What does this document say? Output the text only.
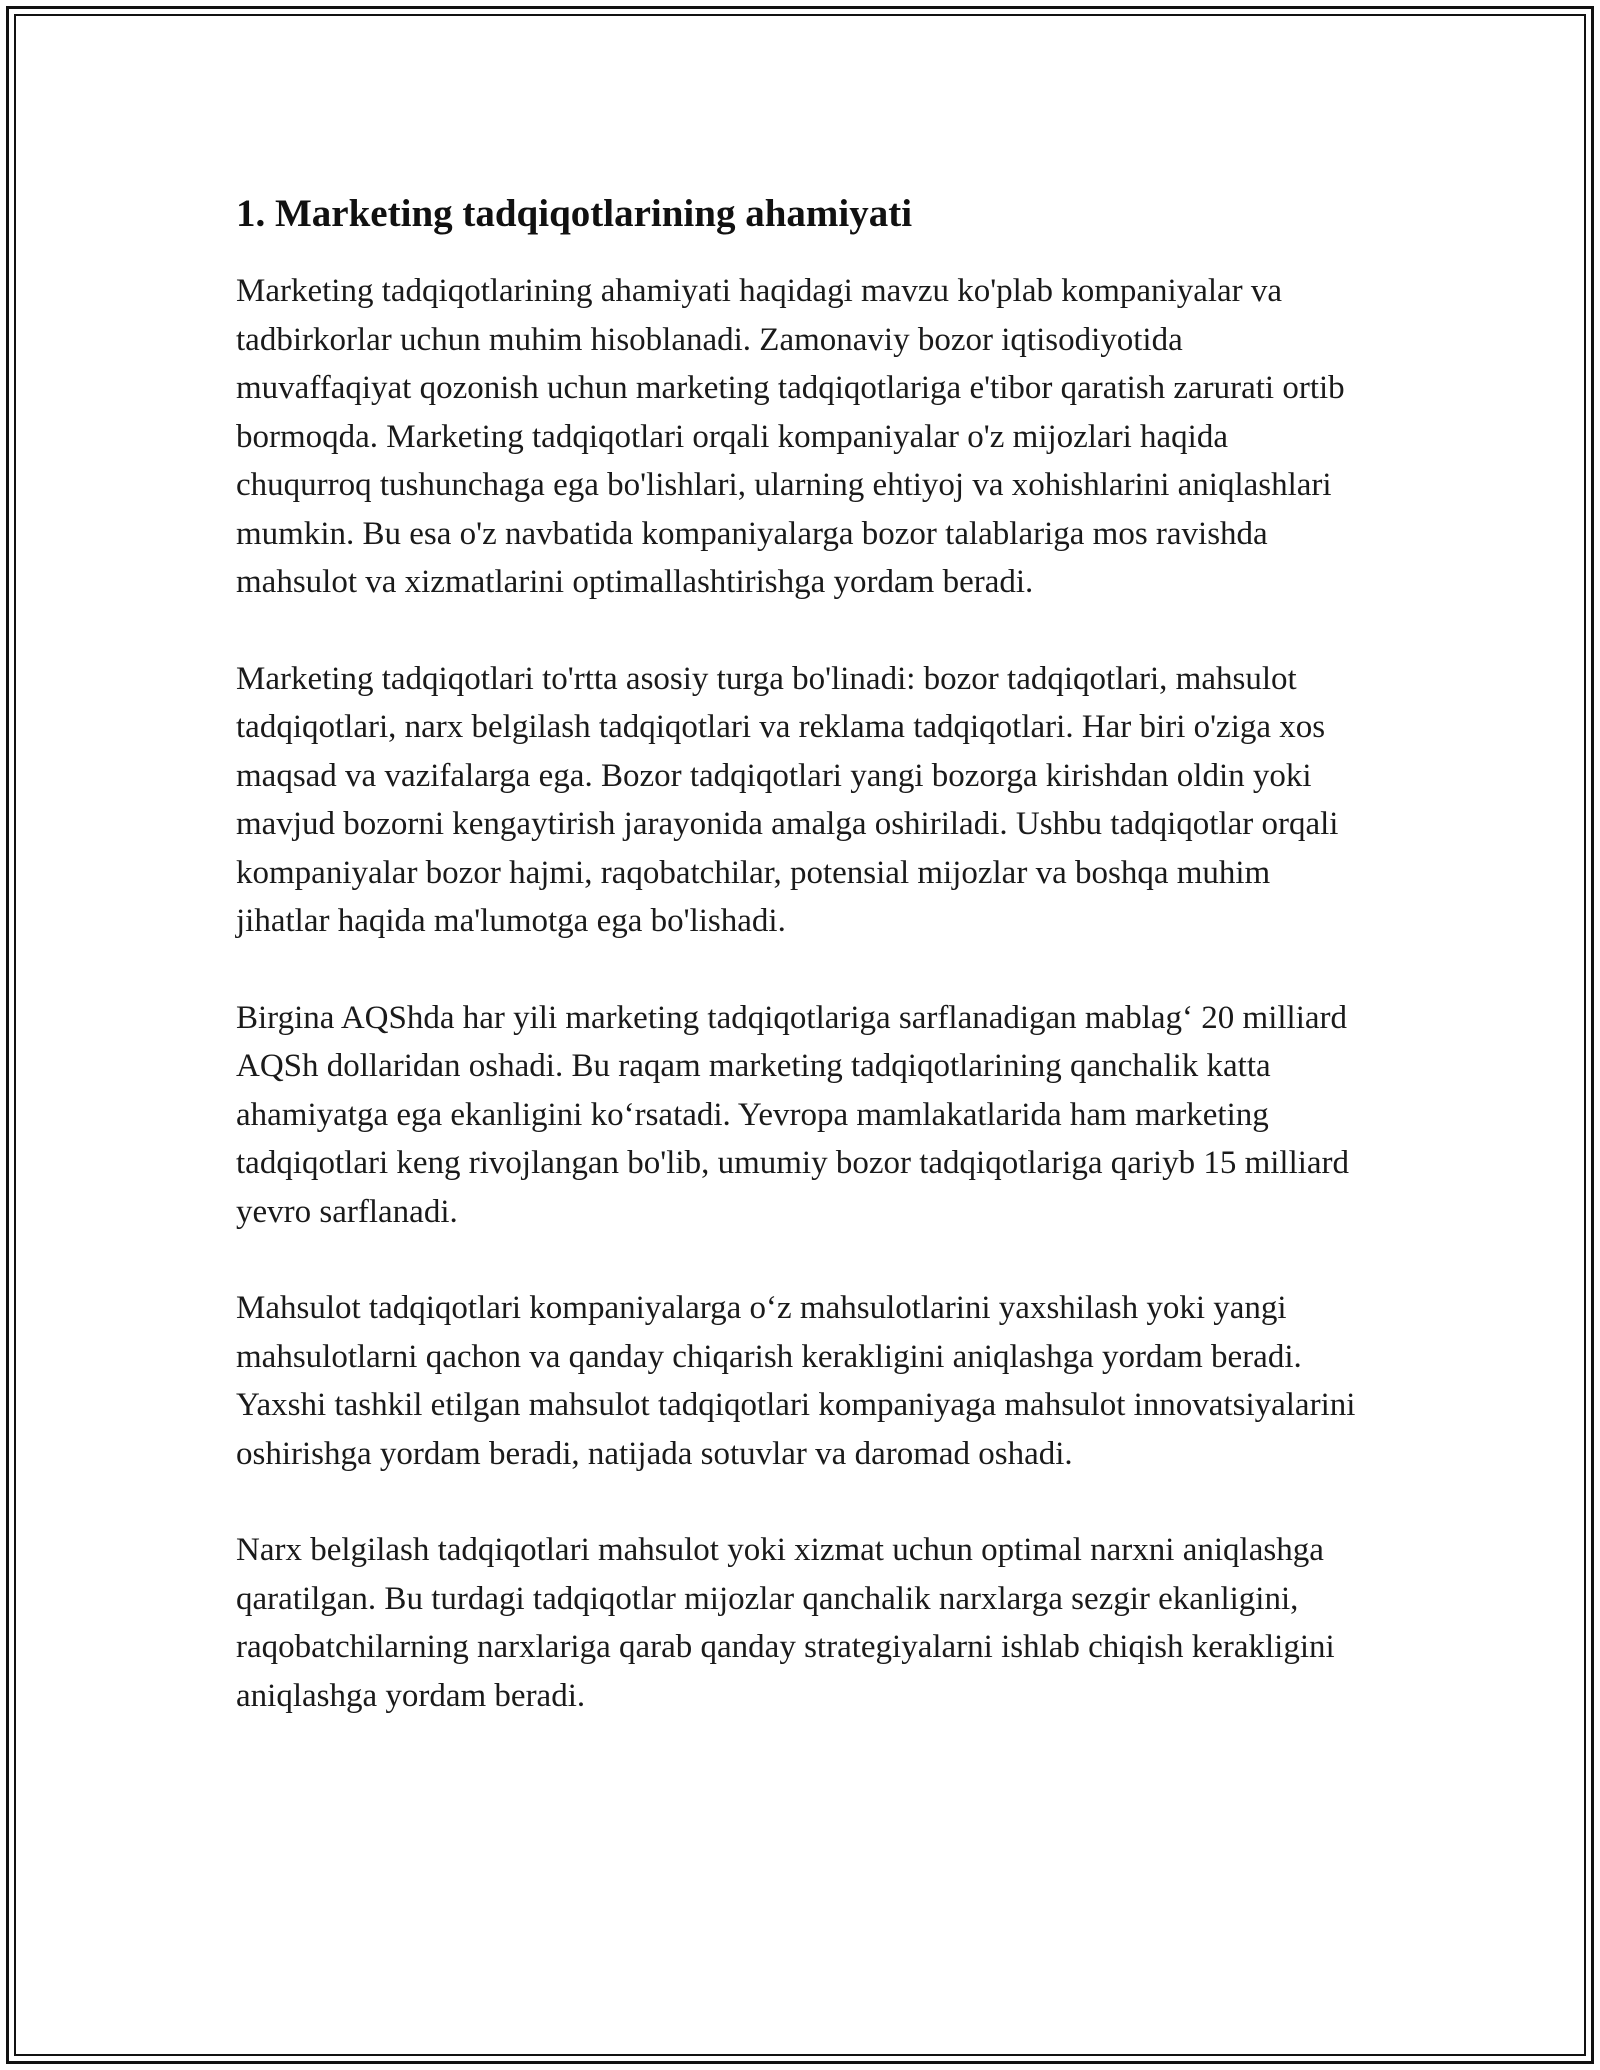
1. Marketing tadqiqotlarining ahamiyati

Marketing tadqiqotlarining ahamiyati haqidagi mavzu ko'plab kompaniyalar va tadbirkorlar uchun muhim hisoblanadi. Zamonaviy bozor iqtisodiyotida muvaffaqiyat qozonish uchun marketing tadqiqotlariga e'tibor qaratish zarurati ortib bormoqda. Marketing tadqiqotlari orqali kompaniyalar o'z mijozlari haqida chuqurroq tushunchaga ega bo'lishlari, ularning ehtiyoj va xohishlarini aniqlashlari mumkin. Bu esa o'z navbatida kompaniyalarga bozor talablariga mos ravishda mahsulot va xizmatlarini optimallashtirishga yordam beradi.

Marketing tadqiqotlari to'rtta asosiy turga bo'linadi: bozor tadqiqotlari, mahsulot tadqiqotlari, narx belgilash tadqiqotlari va reklama tadqiqotlari. Har biri o'ziga xos maqsad va vazifalarga ega. Bozor tadqiqotlari yangi bozorga kirishdan oldin yoki mavjud bozorni kengaytirish jarayonida amalga oshiriladi. Ushbu tadqiqotlar orqali kompaniyalar bozor hajmi, raqobatchilar, potensial mijozlar va boshqa muhim jihatlar haqida ma'lumotga ega bo'lishadi.

Birgina AQShda har yili marketing tadqiqotlariga sarflanadigan mablag‘ 20 milliard AQSh dollaridan oshadi. Bu raqam marketing tadqiqotlarining qanchalik katta ahamiyatga ega ekanligini ko‘rsatadi. Yevropa mamlakatlarida ham marketing tadqiqotlari keng rivojlangan bo'lib, umumiy bozor tadqiqotlariga qariyb 15 milliard yevro sarflanadi.

Mahsulot tadqiqotlari kompaniyalarga o‘z mahsulotlarini yaxshilash yoki yangi mahsulotlarni qachon va qanday chiqarish kerakligini aniqlashga yordam beradi. Yaxshi tashkil etilgan mahsulot tadqiqotlari kompaniyaga mahsulot innovatsiyalarini oshirishga yordam beradi, natijada sotuvlar va daromad oshadi.

Narx belgilash tadqiqotlari mahsulot yoki xizmat uchun optimal narxni aniqlashga qaratilgan. Bu turdagi tadqiqotlar mijozlar qanchalik narxlarga sezgir ekanligini, raqobatchilarning narxlariga qarab qanday strategiyalarni ishlab chiqish kerakligini aniqlashga yordam beradi.
